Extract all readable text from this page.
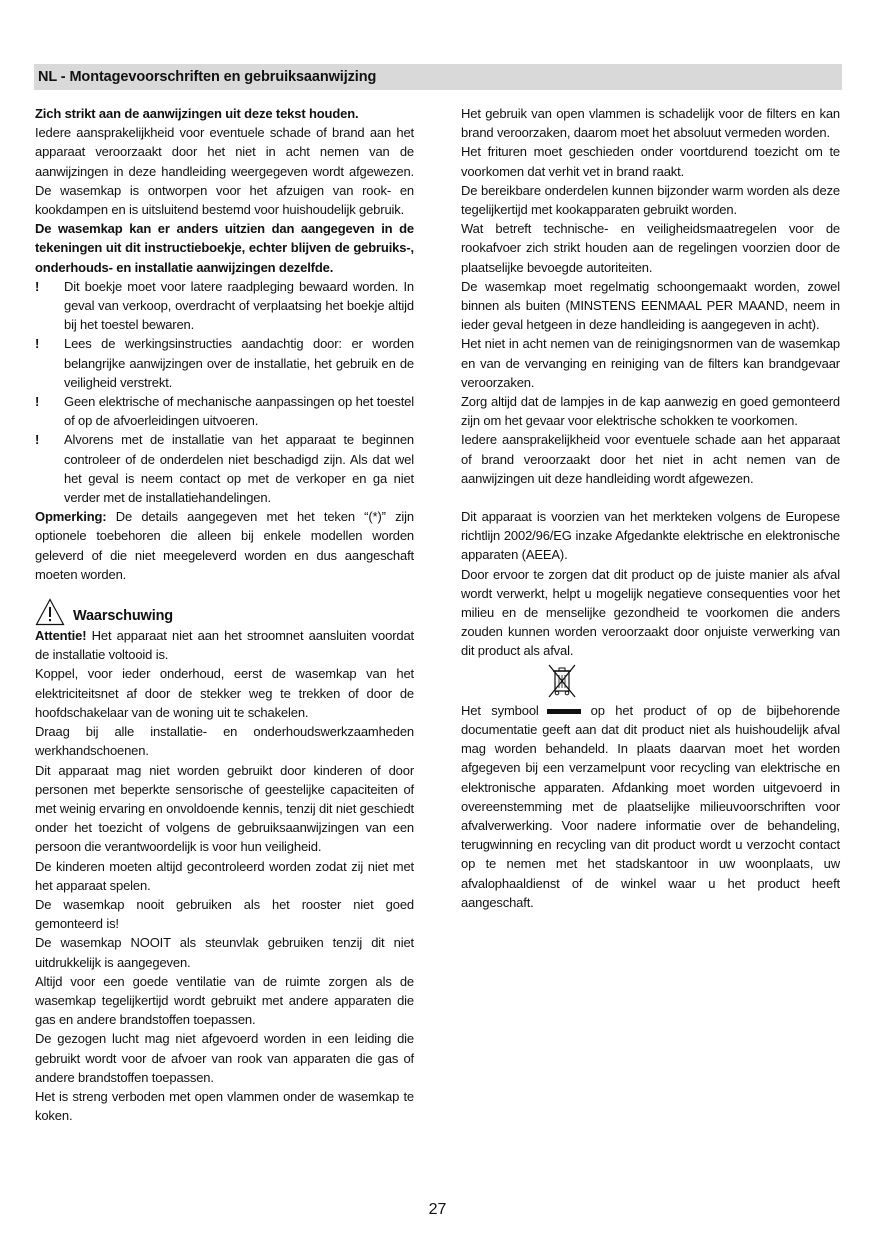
NL - Montagevoorschriften en gebruiksaanwijzing

Zich strikt aan de aanwijzingen uit deze tekst houden.

Iedere aansprakelijkheid voor eventuele schade of brand aan het apparaat veroorzaakt door het niet in acht nemen van de aanwijzingen in deze handleiding weergegeven wordt afgewezen. De wasemkap is ontworpen voor het afzuigen van rook- en kookdampen en is uitsluitend bestemd voor huishoudelijk gebruik.

De wasemkap kan er anders uitzien dan aangegeven in de tekeningen uit dit instructieboekje, echter blijven de gebruiks-, onderhouds- en installatie aanwijzingen dezelfde.

! Dit boekje moet voor latere raadpleging bewaard worden. In geval van verkoop, overdracht of verplaatsing het boekje altijd bij het toestel bewaren.

! Lees de werkingsinstructies aandachtig door: er worden belangrijke aanwijzingen over de installatie, het gebruik en de veiligheid verstrekt.

! Geen elektrische of mechanische aanpassingen op het toestel of op de afvoerleidingen uitvoeren.

! Alvorens met de installatie van het apparaat te beginnen controleer of de onderdelen niet beschadigd zijn. Als dat wel het geval is neem contact op met de verkoper en ga niet verder met de installatiehandelingen.

Opmerking: De details aangegeven met het teken “(*)” zijn optionele toebehoren die alleen bij enkele modellen worden geleverd of die niet meegeleverd worden en dus aangeschaft moeten worden.

Waarschuwing

Attentie! Het apparaat niet aan het stroomnet aansluiten voordat de installatie voltooid is.

Koppel, voor ieder onderhoud, eerst de wasemkap van het elektriciteitsnet af door de stekker weg te trekken of door de hoofdschakelaar van de woning uit te schakelen.

Draag bij alle installatie- en onderhoudswerkzaamheden werkhandschoenen.

Dit apparaat mag niet worden gebruikt door kinderen of door personen met beperkte sensorische of geestelijke capaciteiten of met weinig ervaring en onvoldoende kennis, tenzij dit niet geschiedt onder het toezicht of volgens de gebruiksaanwijzingen van een persoon die verantwoordelijk is voor hun veiligheid.

De kinderen moeten altijd gecontroleerd worden zodat zij niet met het apparaat spelen.

De wasemkap nooit gebruiken als het rooster niet goed gemonteerd is!

De wasemkap NOOIT als steunvlak gebruiken tenzij dit niet uitdrukkelijk is aangegeven.

Altijd voor een goede ventilatie van de ruimte zorgen als de wasemkap tegelijkertijd wordt gebruikt met andere apparaten die gas en andere brandstoffen toepassen.

De gezogen lucht mag niet afgevoerd worden in een leiding die gebruikt wordt voor de afvoer van rook van apparaten die gas of andere brandstoffen toepassen.

Het is streng verboden met open vlammen onder de wasemkap te koken.

Het gebruik van open vlammen is schadelijk voor de filters en kan brand veroorzaken, daarom moet het absoluut vermeden worden.

Het frituren moet geschieden onder voortdurend toezicht om te voorkomen dat verhit vet in brand raakt.

De bereikbare onderdelen kunnen bijzonder warm worden als deze tegelijkertijd met kookapparaten gebruikt worden.

Wat betreft technische- en veiligheidsmaatregelen voor de rookafvoer zich strikt houden aan de regelingen voorzien door de plaatselijke bevoegde autoriteiten.

De wasemkap moet regelmatig schoongemaakt worden, zowel binnen als buiten (MINSTENS EENMAAL PER MAAND, neem in ieder geval hetgeen in deze handleiding is aangegeven in acht).

Het niet in acht nemen van de reinigingsnormen van de wasemkap en van de vervanging en reiniging van de filters kan brandgevaar veroorzaken.

Zorg altijd dat de lampjes in de kap aanwezig en goed gemonteerd zijn om het gevaar voor elektrische schokken te voorkomen.

Iedere aansprakelijkheid voor eventuele schade aan het apparaat of brand veroorzaakt door het niet in acht nemen van de aanwijzingen uit deze handleiding wordt afgewezen.

Dit apparaat is voorzien van het merkteken volgens de Europese richtlijn 2002/96/EG inzake Afgedankte elektrische en elektronische apparaten (AEEA).

Door ervoor te zorgen dat dit product op de juiste manier als afval wordt verwerkt, helpt u mogelijk negatieve consequenties voor het milieu en de menselijke gezondheid te voorkomen die anders zouden kunnen worden veroorzaakt door onjuiste verwerking van dit product als afval.

Het symbool	op het product of op de bijbehorende documentatie geeft aan dat dit product niet als huishoudelijk afval mag worden behandeld. In plaats daarvan moet het worden afgegeven bij een verzamelpunt voor recycling van elektrische en elektronische apparaten. Afdanking moet worden uitgevoerd in overeenstemming met de plaatselijke milieuvoorschriften voor afvalverwerking. Voor nadere informatie over de behandeling, terugwinning en recycling van dit product wordt u verzocht contact op te nemen met het stadskantoor in uw woonplaats, uw afvalophaaldienst of de winkel waar u het product heeft aangeschaft.

27
